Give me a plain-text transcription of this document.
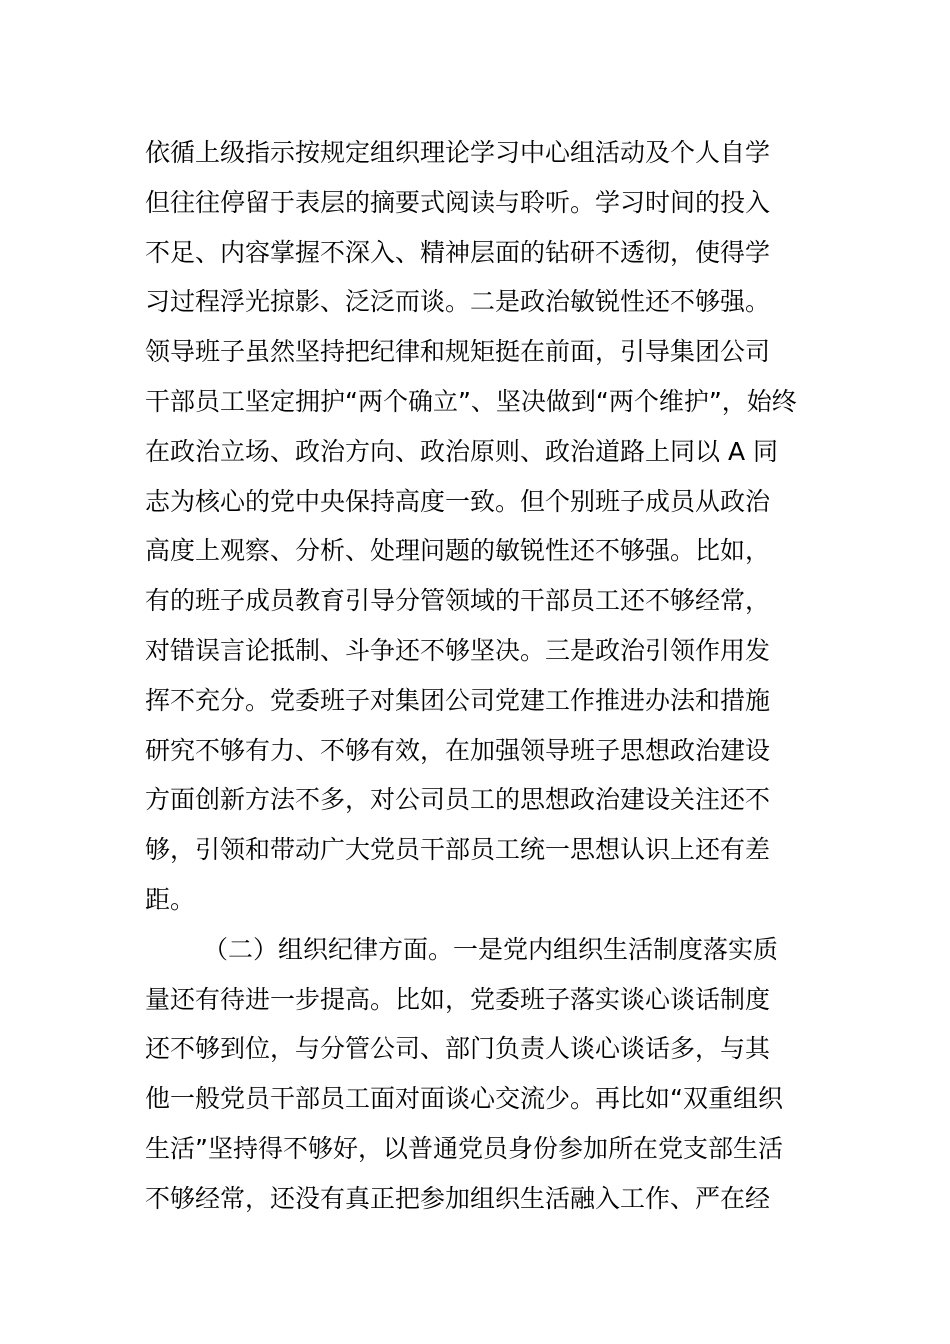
依循上级指示按规定组织理论学习中心组活动及个人自学
但往往停留于表层的摘要式阅读与聆听。学习时间的投入
不足、内容掌握不深入、精神层面的钻研不透彻，使得学
习过程浮光掠影、泛泛而谈。二是政治敏锐性还不够强。
领导班子虽然坚持把纪律和规矩挺在前面，引导集团公司
干部员工坚定拥护“两个确立”、坚决做到“两个维护”，始终
在政治立场、政治方向、政治原则、政治道路上同以 A 同
志为核心的党中央保持高度一致。但个别班子成员从政治
高度上观察、分析、处理问题的敏锐性还不够强。比如，
有的班子成员教育引导分管领域的干部员工还不够经常，
对错误言论抵制、斗争还不够坚决。三是政治引领作用发
挥不充分。党委班子对集团公司党建工作推进办法和措施
研究不够有力、不够有效，在加强领导班子思想政治建设
方面创新方法不多，对公司员工的思想政治建设关注还不
够，引领和带动广大党员干部员工统一思想认识上还有差
距。
（二）组织纪律方面。一是党内组织生活制度落实质
量还有待进一步提高。比如，党委班子落实谈心谈话制度
还不够到位，与分管公司、部门负责人谈心谈话多，与其
他一般党员干部员工面对面谈心交流少。再比如“双重组织
生活”坚持得不够好，以普通党员身份参加所在党支部生活
不够经常，还没有真正把参加组织生活融入工作、严在经
